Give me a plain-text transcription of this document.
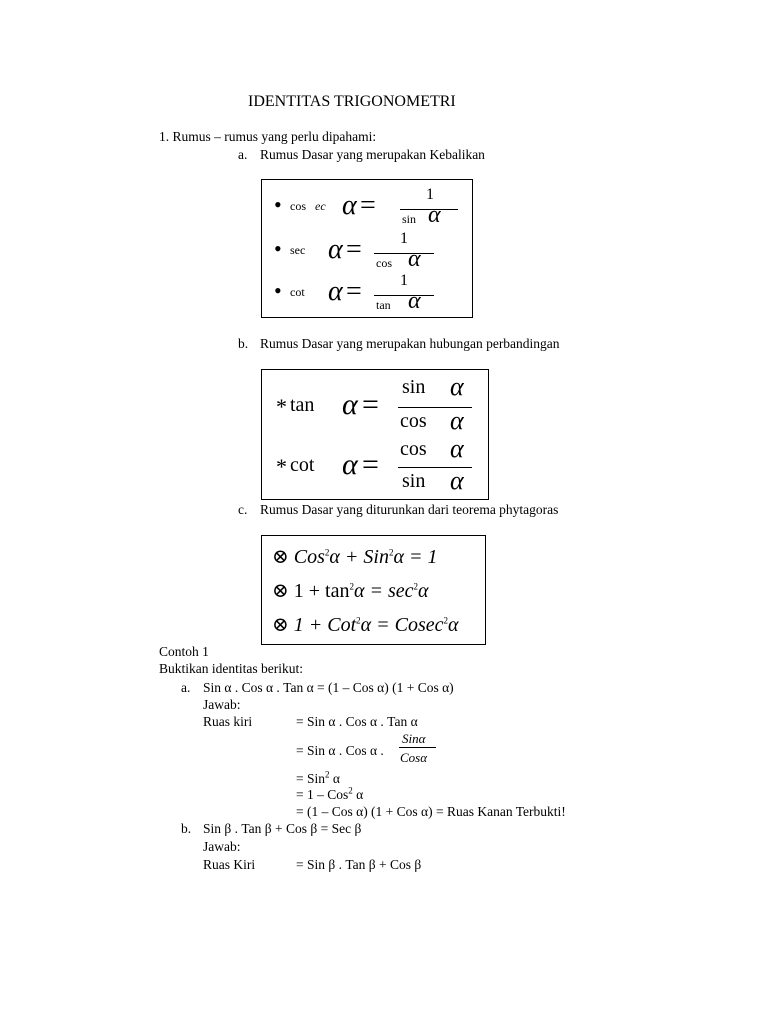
IDENTITAS TRIGONOMETRI
1. Rumus – rumus yang perlu dipahami:
a. Rumus Dasar yang merupakan Kebalikan
• cos ec α =	1
sin α
• sec α = 1
cos α
• cot α = 1
tan α
b. Rumus Dasar yang merupakan hubungan perbandingan
* tan α =
sin α
cos α
* cot α = cos α
sin α
c. Rumus Dasar yang diturunkan dari teorema phytagoras
⊗ Cos$^2$α + Sin$^2$α = 1
⊗ $1 + \tan^2\alpha = \sec^2\alpha$
⊗ 1 + Cot$^2$α = Cosec$^2$α
Contoh 1
Buktikan identitas berikut:
a. Sin α . Cos α . Tan α = (1 – Cos α) (1 + Cos α)
Jawab:
Ruas kiri	= Sin α . Cos α . Tan α
= Sin α . Cos α .
Sinα
Cosα
= Sin$^2$ α
= 1 – Cos$^2$ α
= (1 – Cos α) (1 + Cos α) = Ruas Kanan Terbukti!
b. Sin β . Tan β + Cos β = Sec β
Jawab:
Ruas Kiri	= Sin β . Tan β + Cos β
